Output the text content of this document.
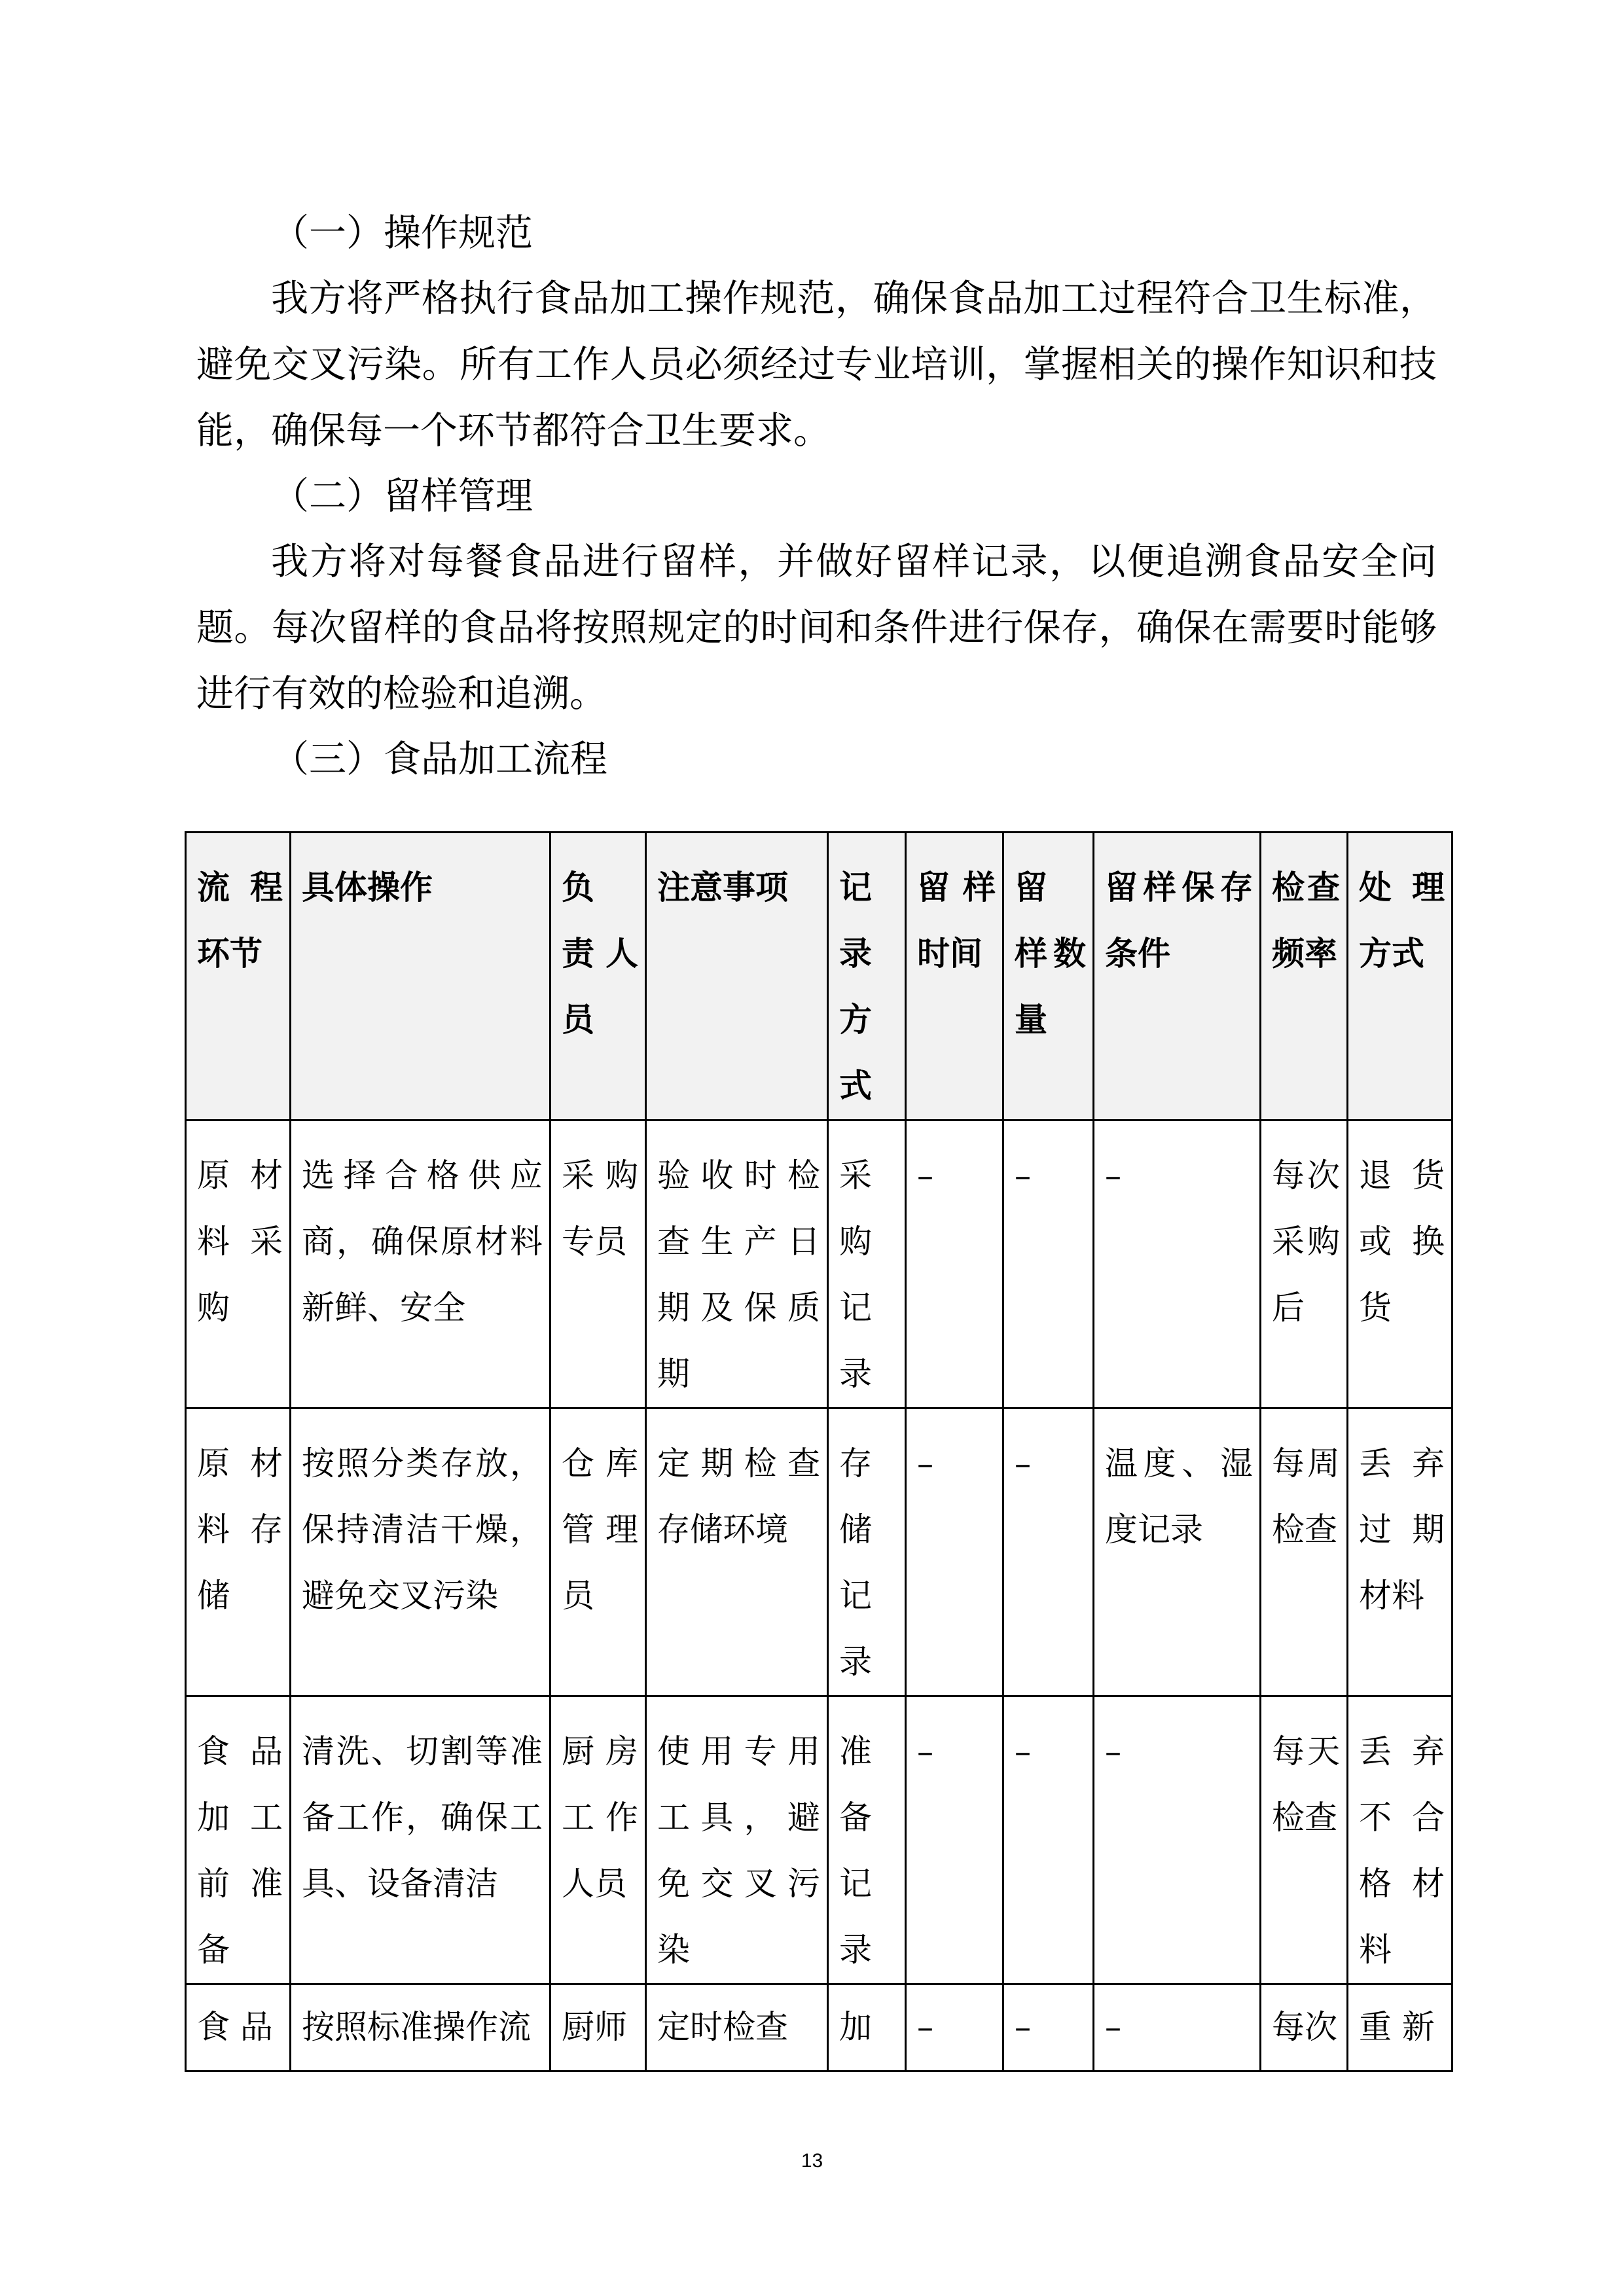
（一）操作规范
我方将严格执行食品加工操作规范，确保食品加工过程符合卫生标准，避免交叉污染。所有工作人员必须经过专业培训，掌握相关的操作知识和技能，确保每一个环节都符合卫生要求。
（二）留样管理
我方将对每餐食品进行留样，并做好留样记录，以便追溯食品安全问题。每次留样的食品将按照规定的时间和条件进行保存，确保在需要时能够进行有效的检验和追溯。
（三）食品加工流程
流 程环节	具体操作	负 责人员	注意事项	记录方式	留 样时间	留 样数量	留样保存条件	检查频率	处 理方式
原 材料 采购	选择合格供应商，确保原材料新鲜、安全	采购专员	验收时检查生产日期及保质期	采购记录	–	–	–	每次采购后	退 货或 换货
原 材料 存储	按照分类存放，保持清洁干燥，避免交叉污染	仓 库管 理员	定期检查存储环境	存储记录	–	–	温度、湿度记录	每周检查	丢 弃过 期材料
食 品加 工前 准备	清洗、切割等准备工作，确保工具、设备清洁	厨 房工 作人员	使用专用工具，避免交叉污染	准备记录	–	–	–	每天检查	丢 弃不 合格 材料
食 品	按照标准操作流	厨师	定时检查	加	–	–	–	每次	重 新
13
